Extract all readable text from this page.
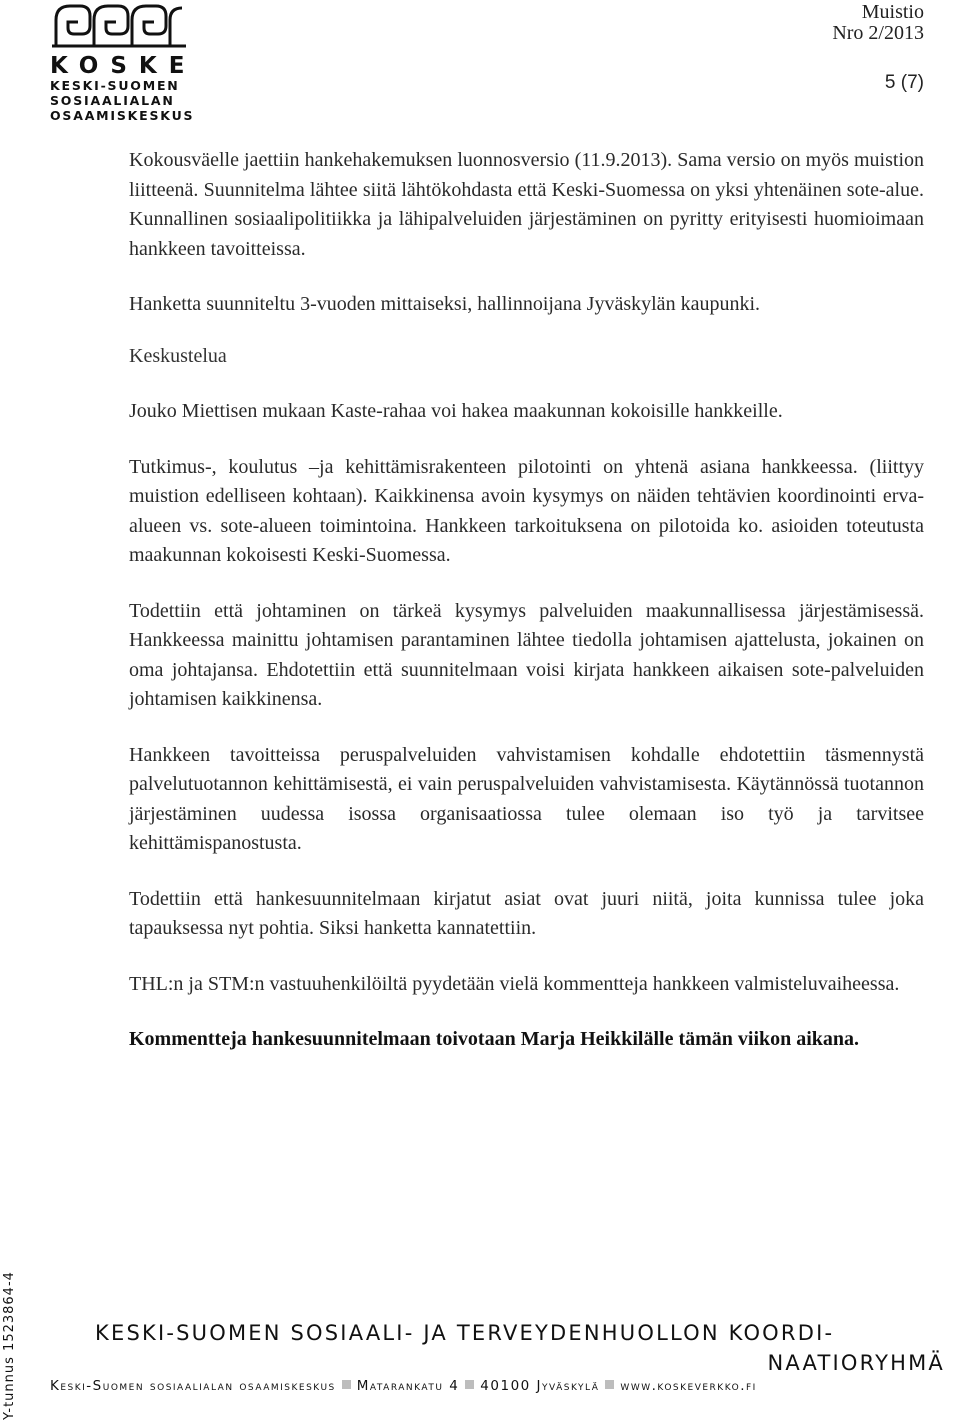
KOSKE
KESKI-SUOMEN
SOSIAALIALAN
OSAAMISKESKUS
Muistio
Nro 2/2013
5 (7)

Kokousväelle jaettiin hankehakemuksen luonnosversio (11.9.2013). Sama versio on myös muistion liitteenä. Suunnitelma lähtee siitä lähtökohdasta että Keski-Suomessa on yksi yhtenäinen sote-alue. Kunnallinen sosiaalipolitiikka ja lähipalveluiden järjestäminen on pyritty erityisesti huomioimaan hankkeen tavoitteissa.

Hanketta suunniteltu 3-vuoden mittaiseksi, hallinnoijana Jyväskylän kaupunki.

Keskustelua

Jouko Miettisen mukaan Kaste-rahaa voi hakea maakunnan kokoisille hankkeille.

Tutkimus-, koulutus –ja kehittämisrakenteen pilotointi on yhtenä asiana hankkeessa. (liittyy muistion edelliseen kohtaan). Kaikkinensa avoin kysymys on näiden tehtävien koordinointi erva-alueen vs. sote-alueen toimintoina. Hankkeen tarkoituksena on pilotoida ko. asioiden toteutusta maakunnan kokoisesti Keski-Suomessa.

Todettiin että johtaminen on tärkeä kysymys palveluiden maakunnallisessa järjestämisessä. Hankkeessa mainittu johtamisen parantaminen lähtee tiedolla johtamisen ajattelusta, jokainen on oma johtajansa. Ehdotettiin että suunnitelmaan voisi kirjata hankkeen aikaisen sote-palveluiden johtamisen kaikkinensa.

Hankkeen tavoitteissa peruspalveluiden vahvistamisen kohdalle ehdotettiin täsmennystä palvelutuotannon kehittämisestä, ei vain peruspalveluiden vahvistamisesta. Käytännössä tuotannon järjestäminen uudessa isossa organisaatiossa tulee olemaan iso työ ja tarvitsee kehittämispanostusta.

Todettiin että hankesuunnitelmaan kirjatut asiat ovat juuri niitä, joita kunnissa tulee joka tapauksessa nyt pohtia. Siksi hanketta kannatettiin.

THL:n ja STM:n vastuuhenkilöiltä pyydetään vielä kommentteja hankkeen valmisteluvaiheessa.

Kommentteja hankesuunnitelmaan toivotaan Marja Heikkilälle tämän viikon aikana.

Y-tunnus 1523864-4	KESKI-SUOMEN SOSIAALI- JA TERVEYDENHUOLLON KOORDI-
NAATIORYHMÄ
Keski-Suomen sosiaalialan osaamiskeskus Matarankatu 4 40100 Jyväskylä www.koskeverkko.fi
